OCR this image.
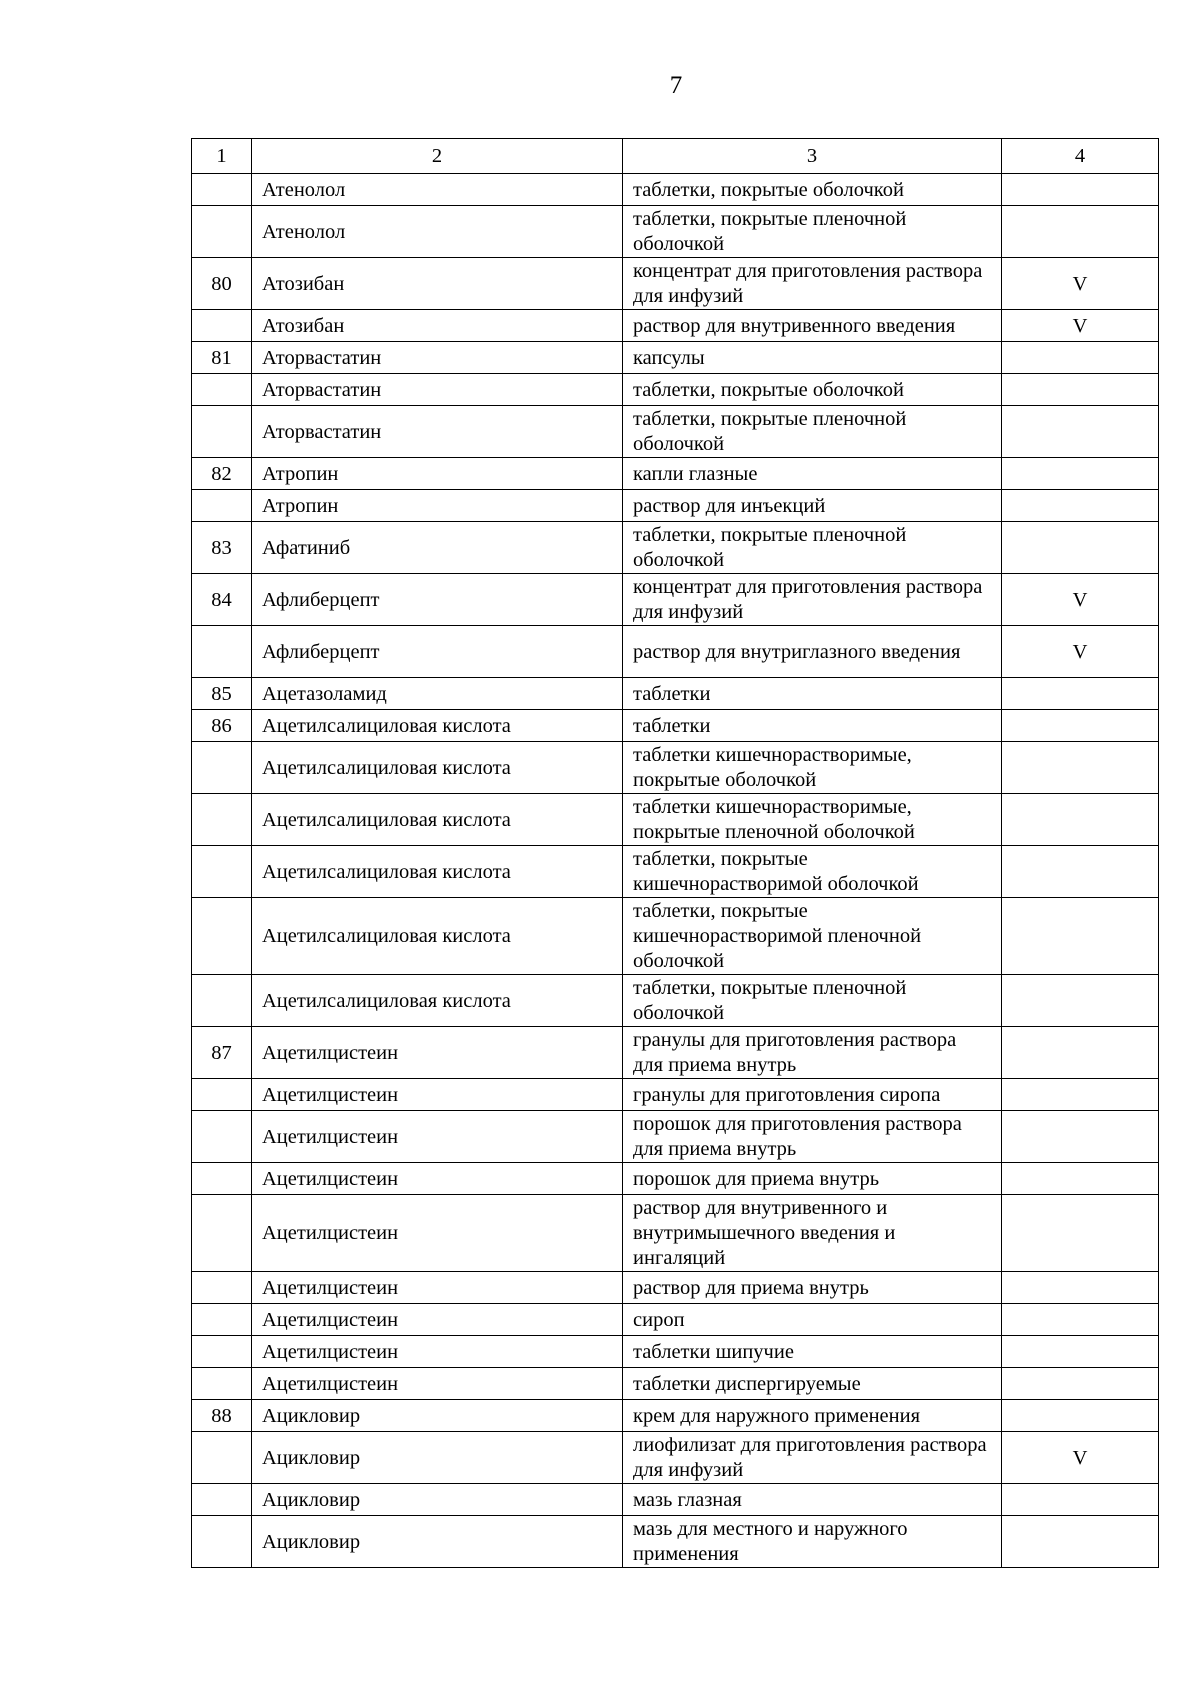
7
1	2	3	4
	Атенолол	таблетки, покрытые оболочкой	
	Атенолол	таблетки, покрытые пленочной оболочкой	
80	Атозибан	концентрат для приготовления раствора для инфузий	V
	Атозибан	раствор для внутривенного введения	V
81	Аторвастатин	капсулы	
	Аторвастатин	таблетки, покрытые оболочкой	
	Аторвастатин	таблетки, покрытые пленочной оболочкой	
82	Атропин	капли глазные	
	Атропин	раствор для инъекций	
83	Афатиниб	таблетки, покрытые пленочной оболочкой	
84	Афлиберцепт	концентрат для приготовления раствора для инфузий	V
	Афлиберцепт	раствор для внутриглазного введения	V
85	Ацетазоламид	таблетки	
86	Ацетилсалициловая кислота	таблетки	
	Ацетилсалициловая кислота	таблетки кишечнорастворимые, покрытые оболочкой	
	Ацетилсалициловая кислота	таблетки кишечнорастворимые, покрытые пленочной оболочкой	
	Ацетилсалициловая кислота	таблетки, покрытые кишечнорастворимой оболочкой	
	Ацетилсалициловая кислота	таблетки, покрытые кишечнорастворимой пленочной оболочкой	
	Ацетилсалициловая кислота	таблетки, покрытые пленочной оболочкой	
87	Ацетилцистеин	гранулы для приготовления раствора для приема внутрь	
	Ацетилцистеин	гранулы для приготовления сиропа	
	Ацетилцистеин	порошок для приготовления раствора для приема внутрь	
	Ацетилцистеин	порошок для приема внутрь	
	Ацетилцистеин	раствор для внутривенного и внутримышечного введения и ингаляций	
	Ацетилцистеин	раствор для приема внутрь	
	Ацетилцистеин	сироп	
	Ацетилцистеин	таблетки шипучие	
	Ацетилцистеин	таблетки диспергируемые	
88	Ацикловир	крем для наружного применения	
	Ацикловир	лиофилизат для приготовления раствора для инфузий	V
	Ацикловир	мазь глазная	
	Ацикловир	мазь для местного и наружного применения	
